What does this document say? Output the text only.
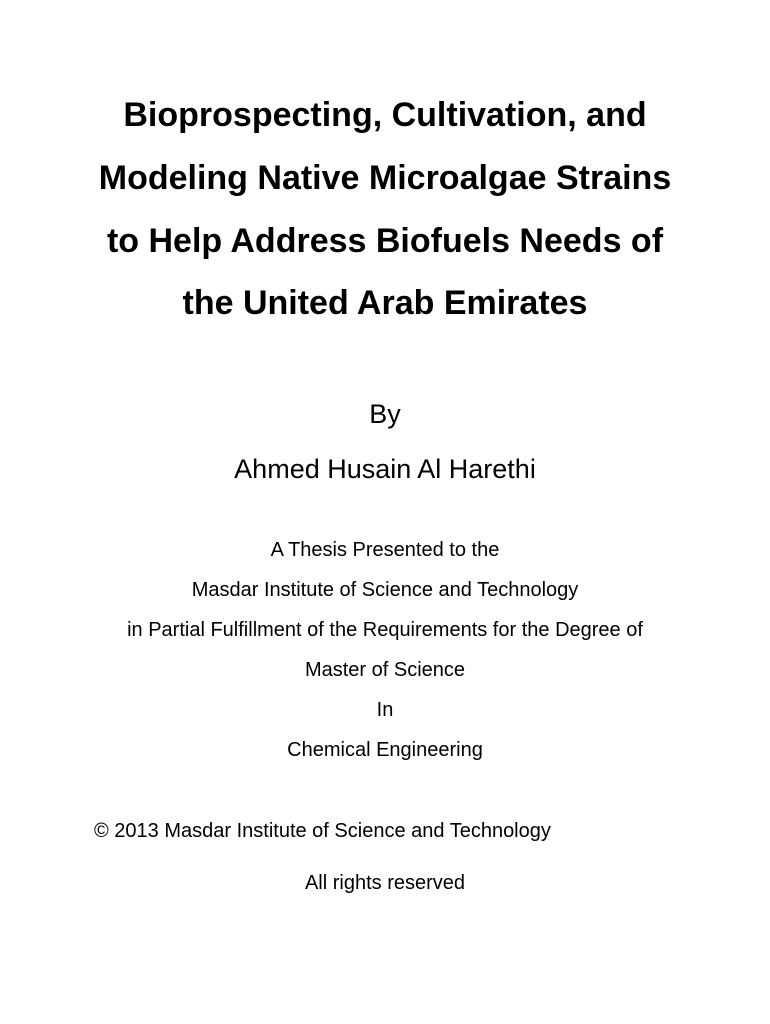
Bioprospecting, Cultivation, and
Modeling Native Microalgae Strains
to Help Address Biofuels Needs of
the United Arab Emirates
By
Ahmed Husain Al Harethi
A Thesis Presented to the
Masdar Institute of Science and Technology
in Partial Fulfillment of the Requirements for the Degree of
Master of Science
In
Chemical Engineering
© 2013 Masdar Institute of Science and Technology
All rights reserved
